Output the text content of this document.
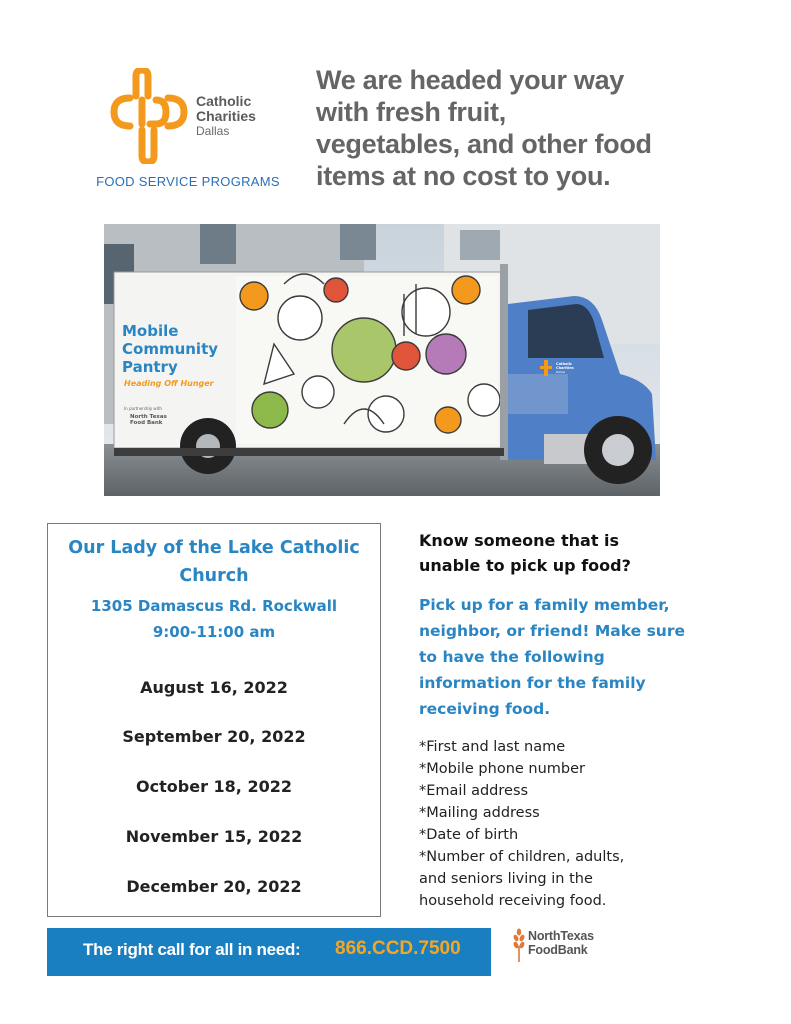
Catholic
Charities
Dallas
FOOD SERVICE PROGRAMS
We are headed your way
with fresh fruit,
vegetables, and other food
items at no cost to you.
Mobile
Community
Pantry
Heading Off Hunger
In partnership with
North Texas
Food Bank
Catholic
Charities
Dallas
Our Lady of the Lake Catholic
Church
1305 Damascus Rd. Rockwall
9:00-11:00 am
August 16, 2022
September 20, 2022
October 18, 2022
November 15, 2022
December 20, 2022
Know someone that is
unable to pick up food?
Pick up for a family member,
neighbor, or friend! Make sure
to have the following
information for the family
receiving food.
*First and last name
*Mobile phone number
*Email address
*Mailing address
*Date of birth
*Number of children, adults,
and seniors living in the
household receiving food.
The right call for all in need: 866.CCD.7500
NorthTexas
FoodBank
